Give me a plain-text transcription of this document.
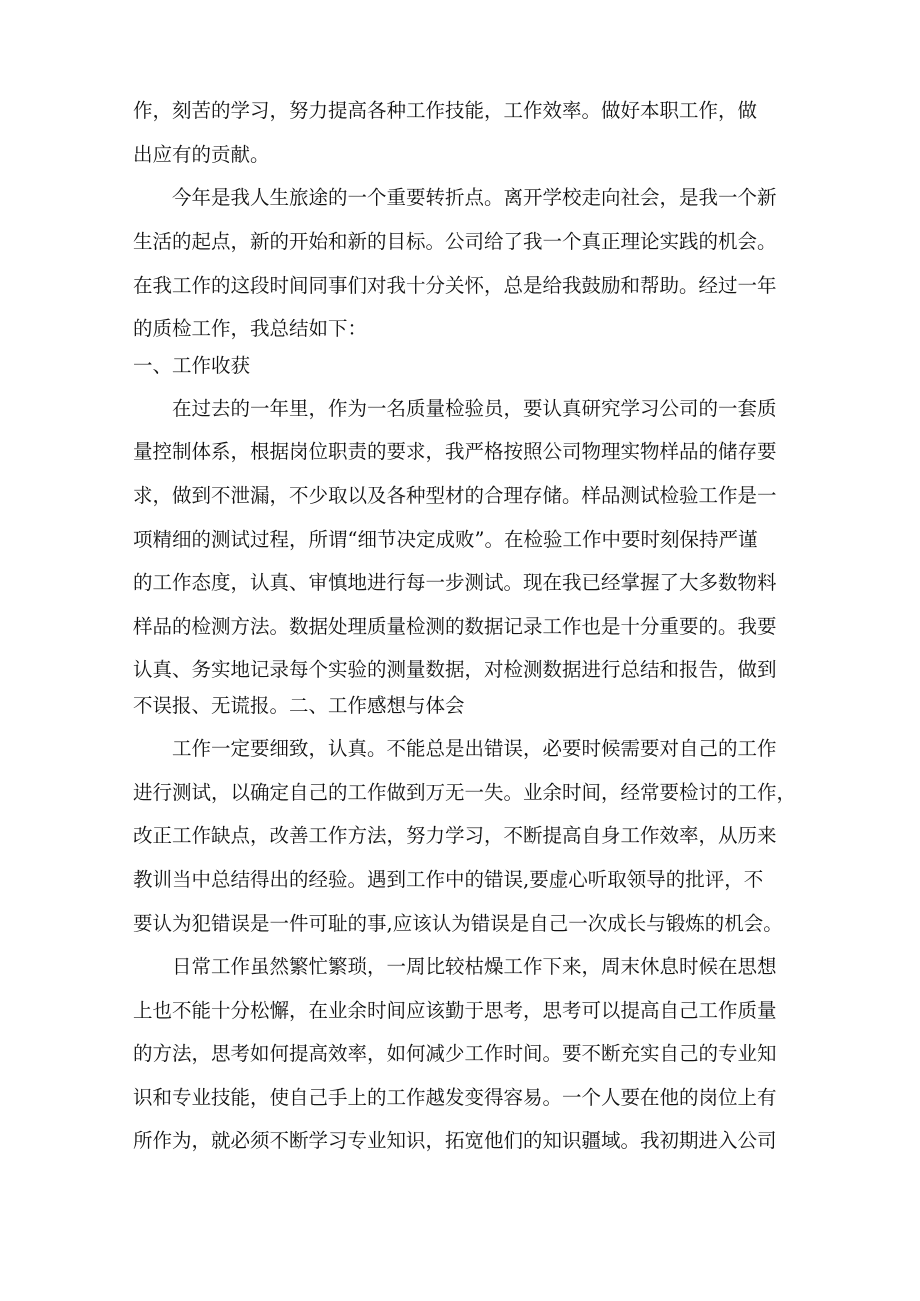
作，刻苦的学习，努力提高各种工作技能，工作效率。做好本职工作，做
出应有的贡献。
今年是我人生旅途的一个重要转折点。离开学校走向社会，是我一个新
生活的起点，新的开始和新的目标。公司给了我一个真正理论实践的机会。
在我工作的这段时间同事们对我十分关怀，总是给我鼓励和帮助。经过一年
的质检工作，我总结如下：
一、工作收获
在过去的一年里，作为一名质量检验员，要认真研究学习公司的一套质
量控制体系，根据岗位职责的要求，我严格按照公司物理实物样品的储存要
求，做到不泄漏，不少取以及各种型材的合理存储。样品测试检验工作是一
项精细的测试过程，所谓“细节决定成败”。在检验工作中要时刻保持严谨
的工作态度，认真、审慎地进行每一步测试。现在我已经掌握了大多数物料
样品的检测方法。数据处理质量检测的数据记录工作也是十分重要的。我要
认真、务实地记录每个实验的测量数据，对检测数据进行总结和报告，做到
不误报、无谎报。二、工作感想与体会
工作一定要细致，认真。不能总是出错误，必要时候需要对自己的工作
进行测试，以确定自己的工作做到万无一失。业余时间，经常要检讨的工作，
改正工作缺点，改善工作方法，努力学习，不断提高自身工作效率，从历来
教训当中总结得出的经验。遇到工作中的错误,要虚心听取领导的批评，不
要认为犯错误是一件可耻的事,应该认为错误是自己一次成长与锻炼的机会。
日常工作虽然繁忙繁琐，一周比较枯燥工作下来，周末休息时候在思想
上也不能十分松懈，在业余时间应该勤于思考，思考可以提高自己工作质量
的方法，思考如何提高效率，如何减少工作时间。要不断充实自己的专业知
识和专业技能，使自己手上的工作越发变得容易。一个人要在他的岗位上有
所作为，就必须不断学习专业知识，拓宽他们的知识疆域。我初期进入公司
